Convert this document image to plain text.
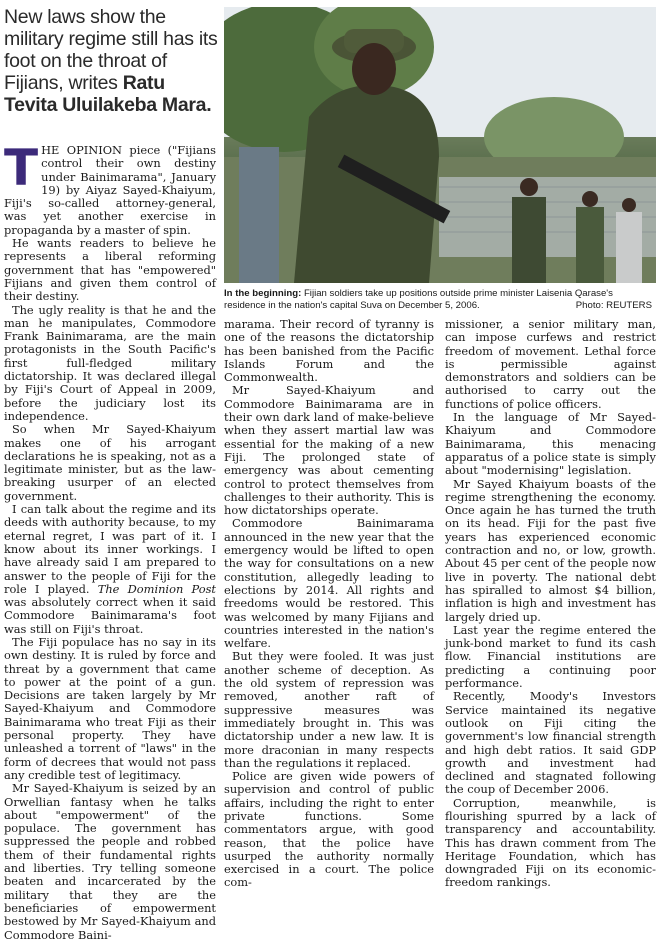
New laws show the military regime still has its foot on the throat of Fijians, writes Ratu Tevita Uluilakeba Mara.
In the beginning: Fijian soldiers take up positions outside prime minister Laisenia Qarase's residence in the nation's capital Suva on December 5, 2006.	Photo: REUTERS

THE OPINION piece ("Fijians control their own destiny under Bainimarama", January 19) by Aiyaz Sayed-Khaiyum, Fiji's so-called attorney-general, was yet another exercise in propaganda by a master of spin.

He wants readers to believe he represents a liberal reforming government that has "empowered" Fijians and given them control of their destiny.

The ugly reality is that he and the man he manipulates, Commodore Frank Bainimarama, are the main protagonists in the South Pacific's first full-fledged military dictatorship. It was declared illegal by Fiji's Court of Appeal in 2009, before the judiciary lost its independence.

So when Mr Sayed-Khaiyum makes one of his arrogant declarations he is speaking, not as a legitimate minister, but as the law-breaking usurper of an elected government.

I can talk about the regime and its deeds with authority because, to my eternal regret, I was part of it. I know about its inner workings. I have already said I am prepared to answer to the people of Fiji for the role I played. The Dominion Post was absolutely correct when it said Commodore Bainimarama's foot was still on Fiji's throat.

The Fiji populace has no say in its own destiny. It is ruled by force and threat by a government that came to power at the point of a gun. Decisions are taken largely by Mr Sayed-Khaiyum and Commodore Bainimarama who treat Fiji as their personal property. They have unleashed a torrent of "laws" in the form of decrees that would not pass any credible test of legitimacy.

Mr Sayed-Khaiyum is seized by an Orwellian fantasy when he talks about "empowerment" of the populace. The government has suppressed the people and robbed them of their fundamental rights and liberties. Try telling someone beaten and incarcerated by the military that they are the beneficiaries of empowerment bestowed by Mr Sayed-Khaiyum and Commodore Baini-

marama. Their record of tyranny is one of the reasons the dictatorship has been banished from the Pacific Islands Forum and the Commonwealth.

Mr Sayed-Khaiyum and Commodore Bainimarama are in their own dark land of make-believe when they assert martial law was essential for the making of a new Fiji. The prolonged state of emergency was about cementing control to protect themselves from challenges to their authority. This is how dictatorships operate.

Commodore Bainimarama announced in the new year that the emergency would be lifted to open the way for consultations on a new constitution, allegedly leading to elections by 2014. All rights and freedoms would be restored. This was welcomed by many Fijians and countries interested in the nation's welfare.

But they were fooled. It was just another scheme of deception. As the old system of repression was removed, another raft of suppressive measures was immediately brought in. This was dictatorship under a new law. It is more draconian in many respects than the regulations it replaced.

Police are given wide powers of supervision and control of public affairs, including the right to enter private functions. Some commentators argue, with good reason, that the police have usurped the authority normally exercised in a court. The police com-

missioner, a senior military man, can impose curfews and restrict freedom of movement. Lethal force is permissible against demonstrators and soldiers can be authorised to carry out the functions of police officers.

In the language of Mr Sayed-Khaiyum and Commodore Bainimarama, this menacing apparatus of a police state is simply about "modernising" legislation.

Mr Sayed Khaiyum boasts of the regime strengthening the economy. Once again he has turned the truth on its head. Fiji for the past five years has experienced economic contraction and no, or low, growth. About 45 per cent of the people now live in poverty. The national debt has spiralled to almost $4 billion, inflation is high and investment has largely dried up.

Last year the regime entered the junk-bond market to fund its cash flow. Financial institutions are predicting a continuing poor performance.

Recently, Moody's Investors Service maintained its negative outlook on Fiji citing the government's low financial strength and high debt ratios. It said GDP growth and investment had declined and stagnated following the coup of December 2006.

Corruption, meanwhile, is flourishing spurred by a lack of transparency and accountability. This has drawn comment from The Heritage Foundation, which has downgraded Fiji on its economic-freedom rankings.
